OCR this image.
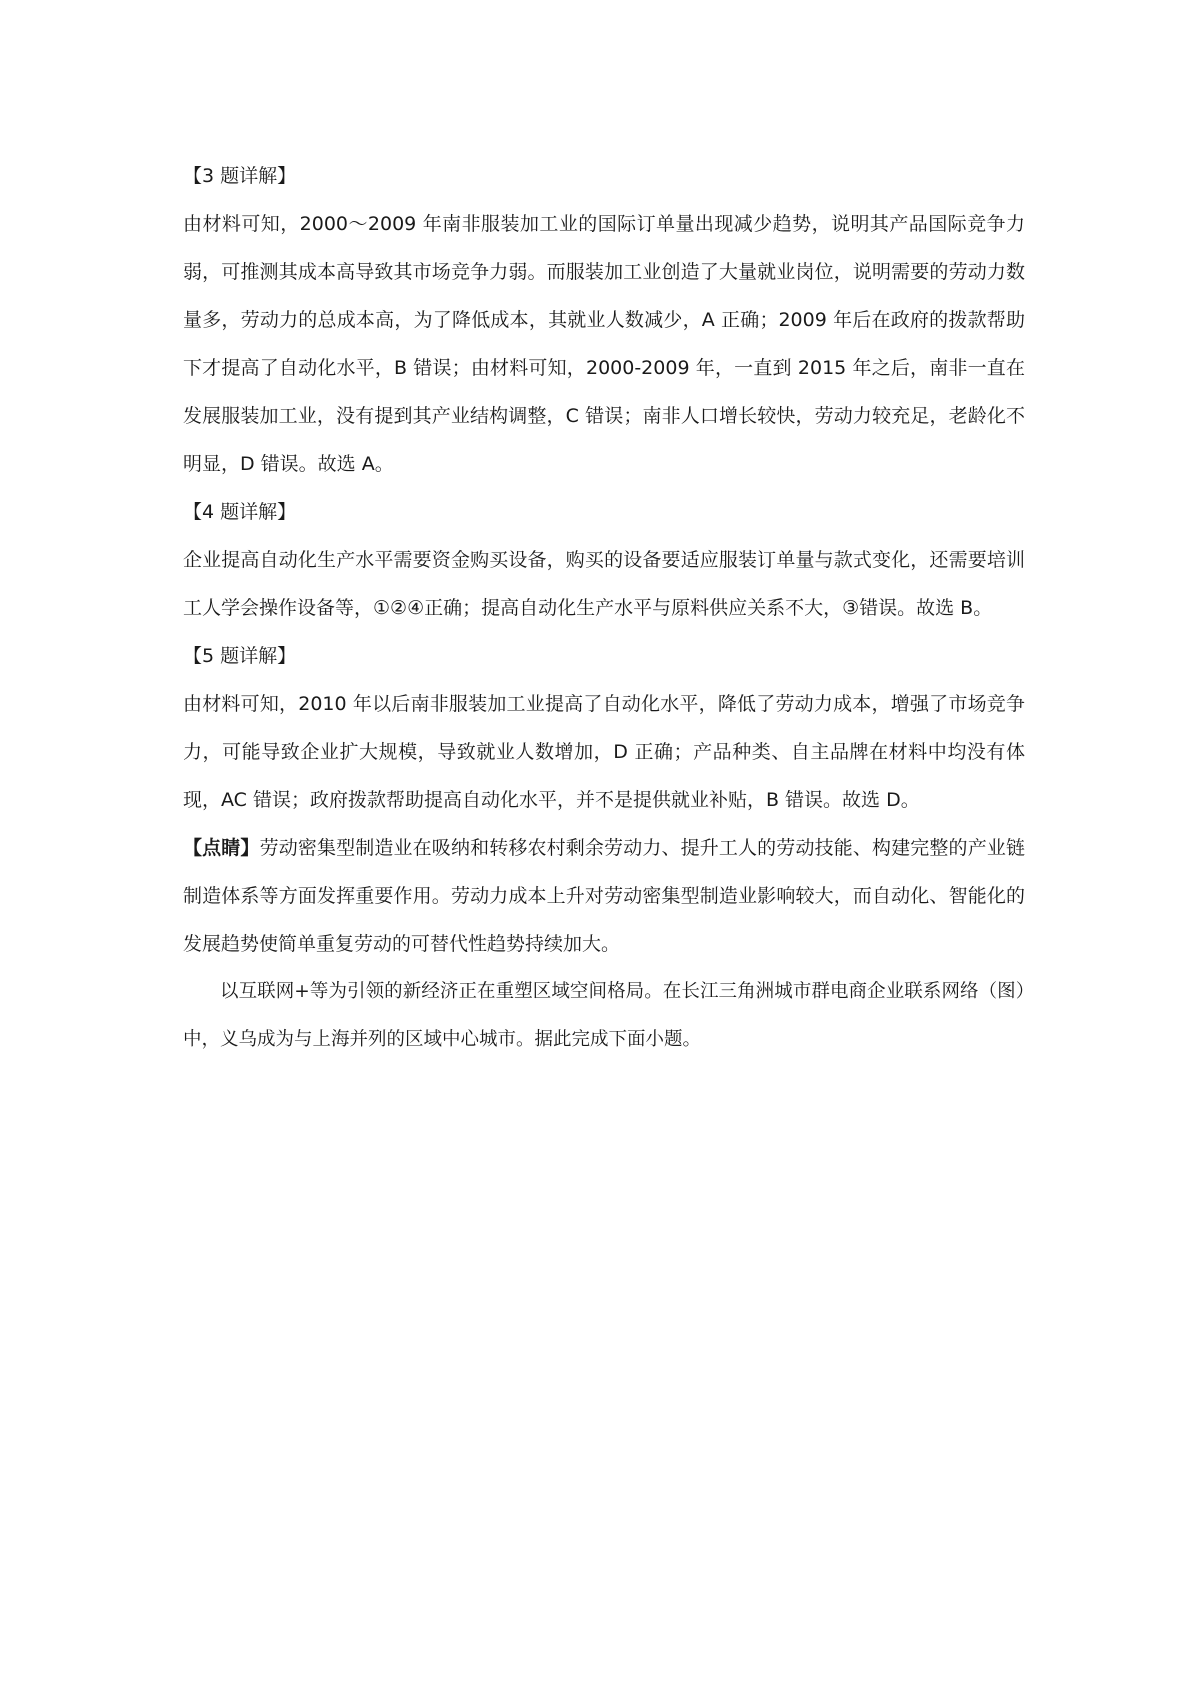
【3 题详解】

由材料可知，2000～2009 年南非服装加工业的国际订单量出现减少趋势，说明其产品国际竞争力弱，可推测其成本高导致其市场竞争力弱。而服装加工业创造了大量就业岗位，说明需要的劳动力数量多，劳动力的总成本高，为了降低成本，其就业人数减少，A 正确；2009 年后在政府的拨款帮助下才提高了自动化水平，B 错误；由材料可知，2000-2009 年，一直到 2015 年之后，南非一直在发展服装加工业，没有提到其产业结构调整，C 错误；南非人口增长较快，劳动力较充足，老龄化不明显，D 错误。故选 A。

【4 题详解】

企业提高自动化生产水平需要资金购买设备，购买的设备要适应服装订单量与款式变化，还需要培训工人学会操作设备等，①②④正确；提高自动化生产水平与原料供应关系不大，③错误。故选 B。

【5 题详解】

由材料可知，2010 年以后南非服装加工业提高了自动化水平，降低了劳动力成本，增强了市场竞争力，可能导致企业扩大规模，导致就业人数增加，D 正确；产品种类、自主品牌在材料中均没有体现，AC 错误；政府拨款帮助提高自动化水平，并不是提供就业补贴，B 错误。故选 D。

【点睛】劳动密集型制造业在吸纳和转移农村剩余劳动力、提升工人的劳动技能、构建完整的产业链制造体系等方面发挥重要作用。劳动力成本上升对劳动密集型制造业影响较大，而自动化、智能化的发展趋势使简单重复劳动的可替代性趋势持续加大。

以互联网+等为引领的新经济正在重塑区域空间格局。在长江三角洲城市群电商企业联系网络（图）中，义乌成为与上海并列的区域中心城市。据此完成下面小题。
